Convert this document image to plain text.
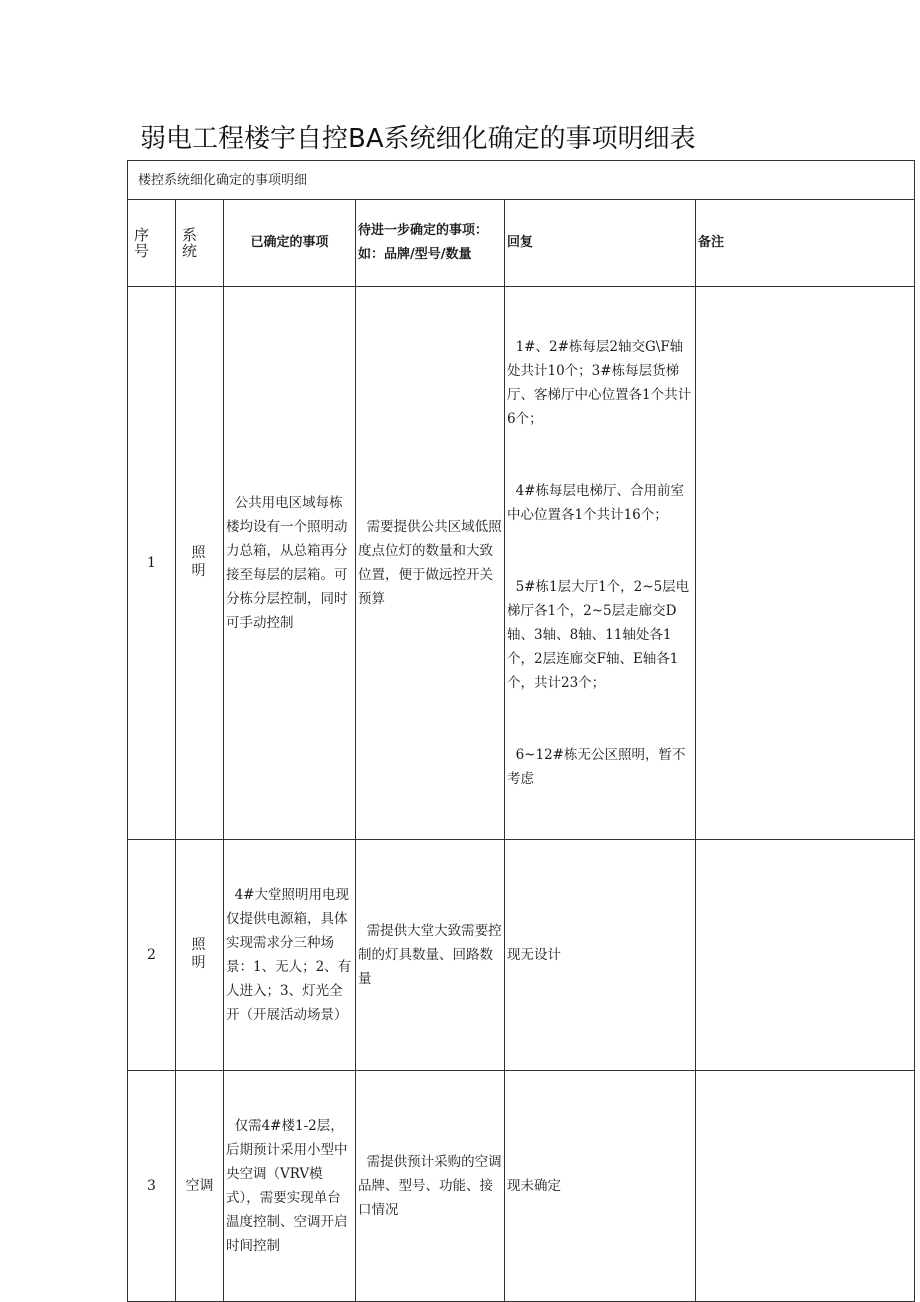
弱电工程楼宇自控BA系统细化确定的事项明细表
楼控系统细化确定的事项明细					

序号	系统	已确定的事项	待进一步确定的事项：如：品牌/型号/数量	回复	备注
1	照明	公共用电区域每栋楼均设有一个照明动力总箱，从总箱再分接至每层的层箱。可分栋分层控制，同时可手动控制	需要提供公共区域低照度点位灯的数量和大致位置，便于做远控开关预算	1#、2#栋每层2轴交G\F轴处共计10个；3#栋每层货梯厅、客梯厅中心位置各1个共计6个；

4#栋每层电梯厅、合用前室中心位置各1个共计16个；

5#栋1层大厅1个，2~5层电梯厅各1个，2~5层走廊交D轴、3轴、8轴、11轴处各1个，2层连廊交F轴、E轴各1个，共计23个；

6~12#栋无公区照明，暂不考虑	

2	照明	4#大堂照明用电现仅提供电源箱，具体实现需求分三种场景：1、无人；2、有人进入；3、灯光全开（开展活动场景）	需提供大堂大致需要控制的灯具数量、回路数量	现无设计	
3	空调	仅需4#楼1-2层，后期预计采用小型中央空调（VRV模式），需要实现单台温度控制、空调开启时间控制	需提供预计采购的空调品牌、型号、功能、接口情况	现未确定	
